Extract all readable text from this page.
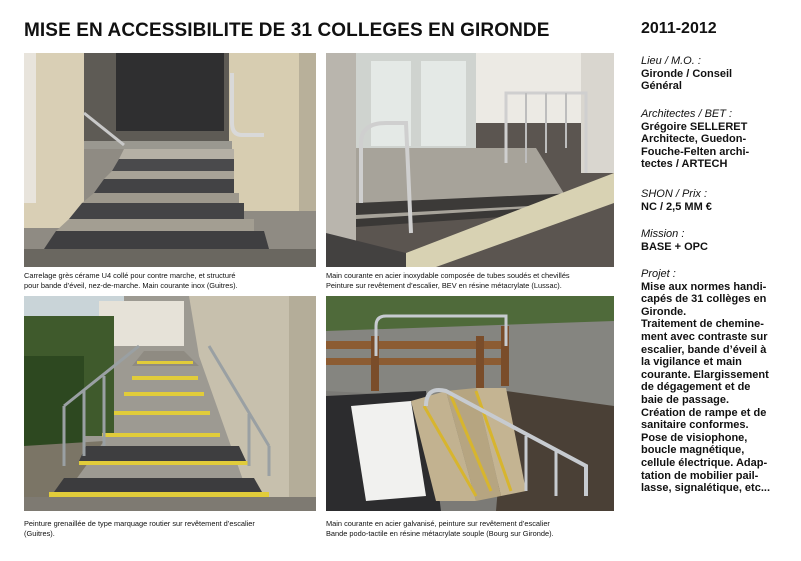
MISE EN ACCESSIBILITE DE 31 COLLEGES EN GIRONDE	2011-2012
Carrelage grès cérame U4 collé pour contre marche, et structuré
pour bande d’éveil, nez-de-marche. Main courante inox (Guitres).
Main courante en acier inoxydable composée de tubes soudés et chevillés
Peinture sur revêtement d’escalier, BEV en résine métacrylate (Lussac).
Peinture grenaillée de type marquage routier sur revêtement d’escalier
(Guitres).
Main courante en acier galvanisé, peinture sur revêtement d’escalier
Bande podo-tactile en résine métacrylate souple (Bourg sur Gironde).
Lieu / M.O. :
Gironde / Conseil
Général
Architectes / BET :
Grégoire SELLERET
Architecte, Guedon-
Fouche-Felten archi-
tectes / ARTECH
SHON / Prix :
NC / 2,5 MM €
Mission :
BASE + OPC
Projet :
Mise aux normes handi-
capés de 31 collèges en
Gironde.
Traitement de chemine-
ment avec contraste sur
escalier, bande d’éveil à
la vigilance et main
courante. Elargissement
de dégagement et de
baie de passage.
Création de rampe et de
sanitaire conformes.
Pose de visiophone,
boucle magnétique,
cellule électrique. Adap-
tation de mobilier pail-
lasse, signalétique, etc...
